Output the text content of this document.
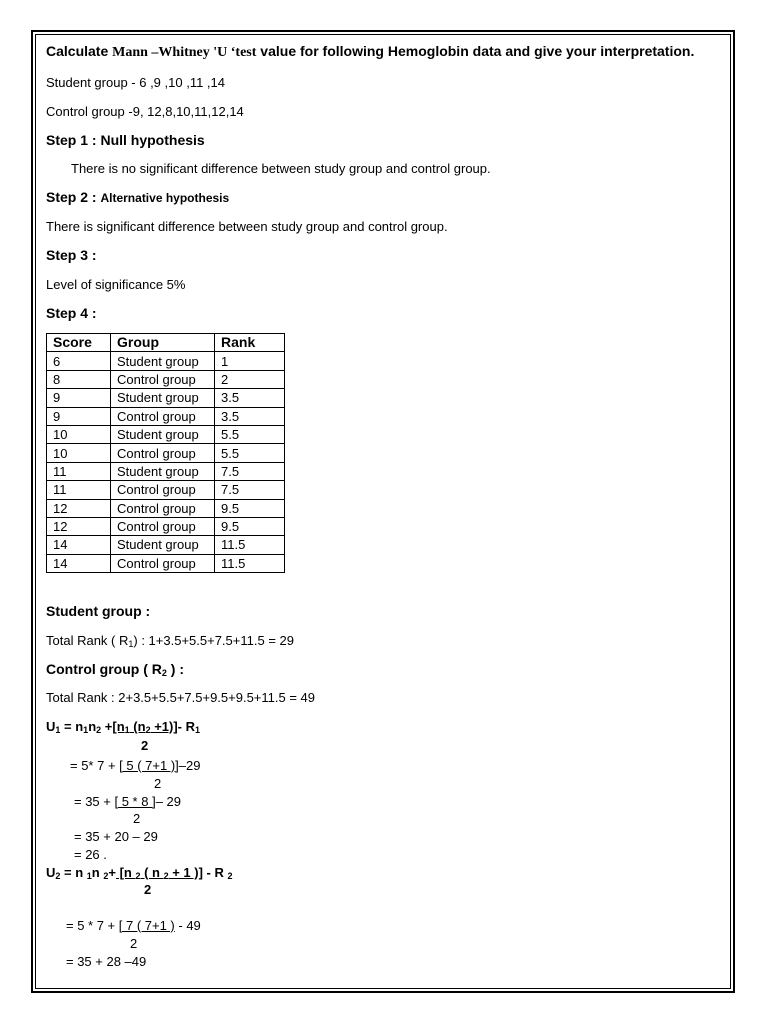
Calculate Mann –Whitney 'U ‘test value for following Hemoglobin data and give your interpretation.
Student group - 6 ,9 ,10 ,11 ,14
Control group -9, 12,8,10,11,12,14
Step 1 : Null hypothesis
There is no significant difference between study group and control group.
Step 2 : Alternative hypothesis
There is significant difference between study group and control group.
Step 3 :
Level of significance 5%
Step 4 :
Score	Group	Rank
6	Student group	1
8	Control group	2
9	Student group	3.5
9	Control group	3.5
10	Student group	5.5
10	Control group	5.5
11	Student group	7.5
11	Control group	7.5
12	Control group	9.5
12	Control group	9.5
14	Student group	11.5
14	Control group	11.5
Student group :
Total Rank ( $R_1$) : 1+3.5+5.5+7.5+11.5 = 29
Control group ( $R_2$ ) :
Total Rank : 2+3.5+5.5+7.5+9.5+9.5+11.5 = 49
$U_1 = n_1n_2 +[n_1$ $(n_2 +1)]-$ $R_1$
2
= 5* 7 + [ 5 ( 7+1 )]–29
2
= 35 + [ 5 * 8 ]– 29
2
= 35 + 20 – 29
= 26 .
$U_2 = n$ $_1$n $_2$+ [n $_2$ ( n $_2$ + 1 )] - R $_2$
2
= 5 * 7 + [ 7 ( 7+1 ) - 49
2
= 35 + 28 –49
